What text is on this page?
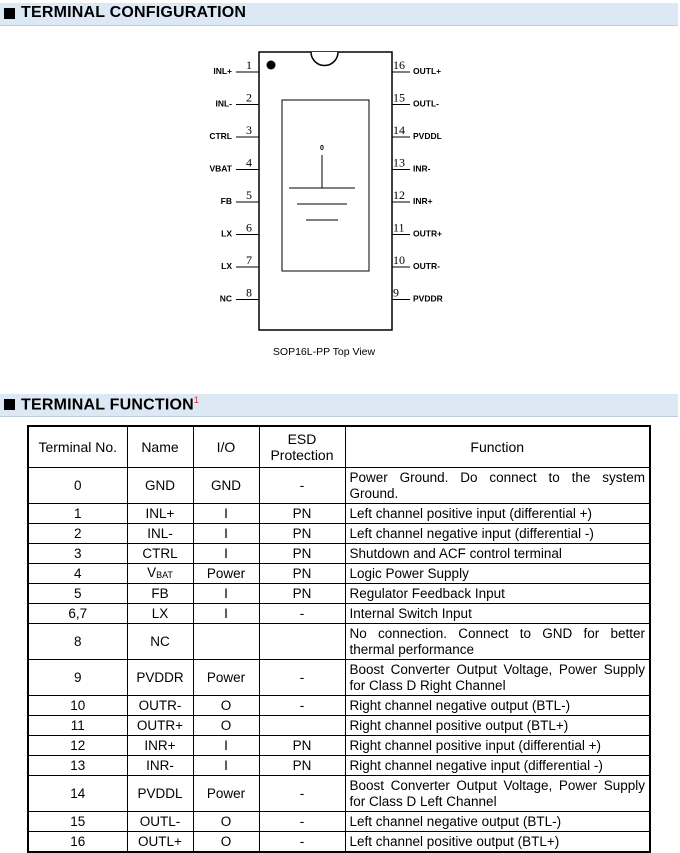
TERMINAL CONFIGURATION
0
1
INL+
2
INL-
3
CTRL
4
VBAT
5
FB
6
LX
7
LX
8
NC
16 OUTL+
15 OUTL-
14 PVDDL
13 INR-
12 INR+
11 OUTR+
10 OUTR-
9 PVDDR
SOP16L-PP Top View
TERMINAL FUNCTION$^1$
Terminal No.	Name	I/O	ESD Protection	Function
0	GND	GND	-	Power Ground. Do connect to the system Ground.
1	INL+	I	PN	Left channel positive input (differential +)
2	INL-	I	PN	Left channel negative input (differential -)
3	CTRL	I	PN	Shutdown and ACF control terminal
4	$V_{BAT}$	Power	PN	Logic Power Supply
5	FB	I	PN	Regulator Feedback Input
6,7	LX	I	-	Internal Switch Input
8	NC			No connection. Connect to GND for better thermal performance
9	PVDDR	Power	-	Boost Converter Output Voltage, Power Supply for Class D Right Channel
10	OUTR-	O	-	Right channel negative output (BTL-)
11	OUTR+	O		Right channel positive output (BTL+)
12	INR+	I	PN	Right channel positive input (differential +)
13	INR-	I	PN	Right channel negative input (differential -)
14	PVDDL	Power	-	Boost Converter Output Voltage, Power Supply for Class D Left Channel
15	OUTL-	O	-	Left channel negative output (BTL-)
16	OUTL+	O	-	Left channel positive output (BTL+)
